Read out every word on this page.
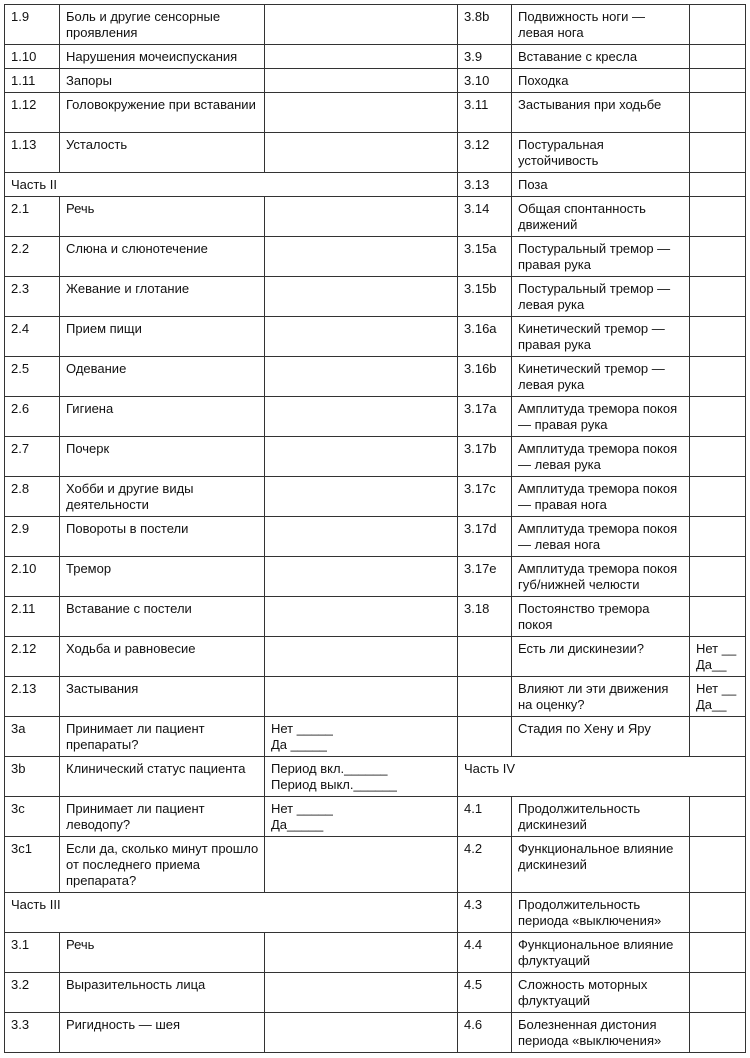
1.9	Боль и другие сенсорные проявления		3.8b	Подвижность ноги — левая нога	
1.10	Нарушения мочеиспускания		3.9	Вставание с кресла	
1.11	Запоры		3.10	Походка	
1.12	Головокружение при вставании		3.11	Застывания при ходьбе	
1.13	Усталость		3.12	Постуральная устойчивость	
Часть II			3.13	Поза	
2.1	Речь		3.14	Общая спонтанность движений	
2.2	Слюна и слюнотечение		3.15a	Постуральный тремор — правая рука	
2.3	Жевание и глотание		3.15b	Постуральный тремор — левая рука	
2.4	Прием пищи		3.16a	Кинетический тремор — правая рука	
2.5	Одевание		3.16b	Кинетический тремор — левая рука	
2.6	Гигиена		3.17a	Амплитуда тремора покоя — правая рука	
2.7	Почерк		3.17b	Амплитуда тремора покоя — левая рука	
2.8	Хобби и другие виды деятельности		3.17c	Амплитуда тремора покоя — правая нога	
2.9	Повороты в постели		3.17d	Амплитуда тремора покоя — левая нога	
2.10	Тремор		3.17e	Амплитуда тремора покоя губ/нижней челюсти	
2.11	Вставание с постели		3.18	Постоянство тремора покоя	
2.12	Ходьба и равновесие			Есть ли дискинезии?	Нет __
Да__
2.13	Застывания			Влияют ли эти движения на оценку?	Нет __
Да__
3a	Принимает ли пациент препараты?	Нет _____
Да _____		Стадия по Хену и Яру	
3b	Клинический статус пациента	Период вкл.______
Период выкл.______	Часть IV		
3c	Принимает ли пациент леводопу?	Нет _____
Да_____	4.1	Продолжительность дискинезий	
3c1	Если да, сколько минут прошло от последнего приема препарата?		4.2	Функциональное влияние дискинезий	
Часть III			4.3	Продолжительность периода «выключения»	
3.1	Речь		4.4	Функциональное влияние флуктуаций	
3.2	Выразительность лица		4.5	Сложность моторных флуктуаций	
3.3	Ригидность — шея		4.6	Болезненная дистония периода «выключения»	
